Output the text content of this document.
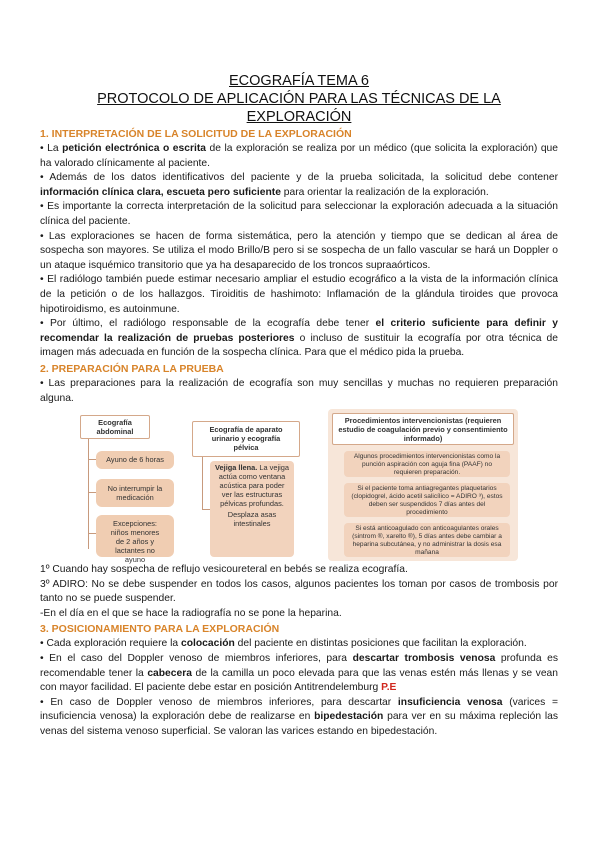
ECOGRAFÍA TEMA 6

PROTOCOLO DE APLICACIÓN PARA LAS TÉCNICAS DE LA

EXPLORACIÓN

1. INTERPRETACIÓN DE LA SOLICITUD DE LA EXPLORACIÓN

• La petición electrónica o escrita de la exploración se realiza por un médico (que solicita la exploración) que ha valorado clínicamente al paciente.

• Además de los datos identificativos del paciente y de la prueba solicitada, la solicitud debe contener información clínica clara, escueta pero suficiente para orientar la realización de la exploración.

• Es importante la correcta interpretación de la solicitud para seleccionar la exploración adecuada a la situación clínica del paciente.

• Las exploraciones se hacen de forma sistemática, pero la atención y tiempo que se dedican al área de sospecha son mayores. Se utiliza el modo Brillo/B pero si se sospecha de un fallo vascular se hará un Doppler o un ataque isquémico transitorio que ya ha desaparecido de los troncos supraaórticos.

• El radiólogo también puede estimar necesario ampliar el estudio ecográfico a la vista de la información clínica de la petición o de los hallazgos. Tiroiditis de hashimoto: Inflamación de la glándula tiroides que provoca hipotiroidismo, es autoinmune.

• Por último, el radiólogo responsable de la ecografía debe tener el criterio suficiente para definir y recomendar la realización de pruebas posteriores o incluso de sustituir la ecografía por otra técnica de imagen más adecuada en función de la sospecha clínica. Para que el médico pida la prueba.

2. PREPARACIÓN PARA LA PRUEBA

• Las preparaciones para la realización de ecografía son muy sencillas y muchas no requieren preparación alguna.

Ecografía abdominal
Ayuno de 6 horas
No interrumpir la medicación
Excepciones: niños menores de 2 años y lactantes no ayuno
Ecografía de aparato urinario y ecografía pélvica
Vejiga llena. La vejiga actúa como ventana acústica para poder ver las estructuras pélvicas profundas.
Desplaza asas intestinales
Procedimientos intervencionistas (requieren estudio de coagulación previo y consentimiento informado)
Algunos procedimientos intervencionistas como la punción aspiración con aguja fina (PAAF) no requieren preparación.
Si el paciente toma antiagregantes plaquetarios (clopidogrel, ácido acetil salicílico = ADIRO ³), estos deben ser suspendidos 7 días antes del procedimiento
Si está anticoagulado con anticoagulantes orales (sintrom ®, xarelto ®), 5 días antes debe cambiar a heparina subcutánea, y no administrar la dosis esa mañana

1º Cuando hay sospecha de reflujo vesicoureteral en bebés se realiza ecografía.

3º ADIRO: No se debe suspender en todos los casos, algunos pacientes los toman por casos de trombosis por tanto no se puede suspender.

-En el día en el que se hace la radiografía no se pone la heparina.

3. POSICIONAMIENTO PARA LA EXPLORACIÓN

• Cada exploración requiere la colocación del paciente en distintas posiciones que facilitan la exploración.

• En el caso del Doppler venoso de miembros inferiores, para descartar trombosis venosa profunda es recomendable tener la cabecera de la camilla un poco elevada para que las venas estén más llenas y se vean con mayor facilidad. El paciente debe estar en posición Antitrendelemburg P.E

• En caso de Doppler venoso de miembros inferiores, para descartar insuficiencia venosa (varices = insuficiencia venosa) la exploración debe de realizarse en bipedestación para ver en su máxima repleción las venas del sistema venoso superficial. Se valoran las varices estando en bipedestación.
